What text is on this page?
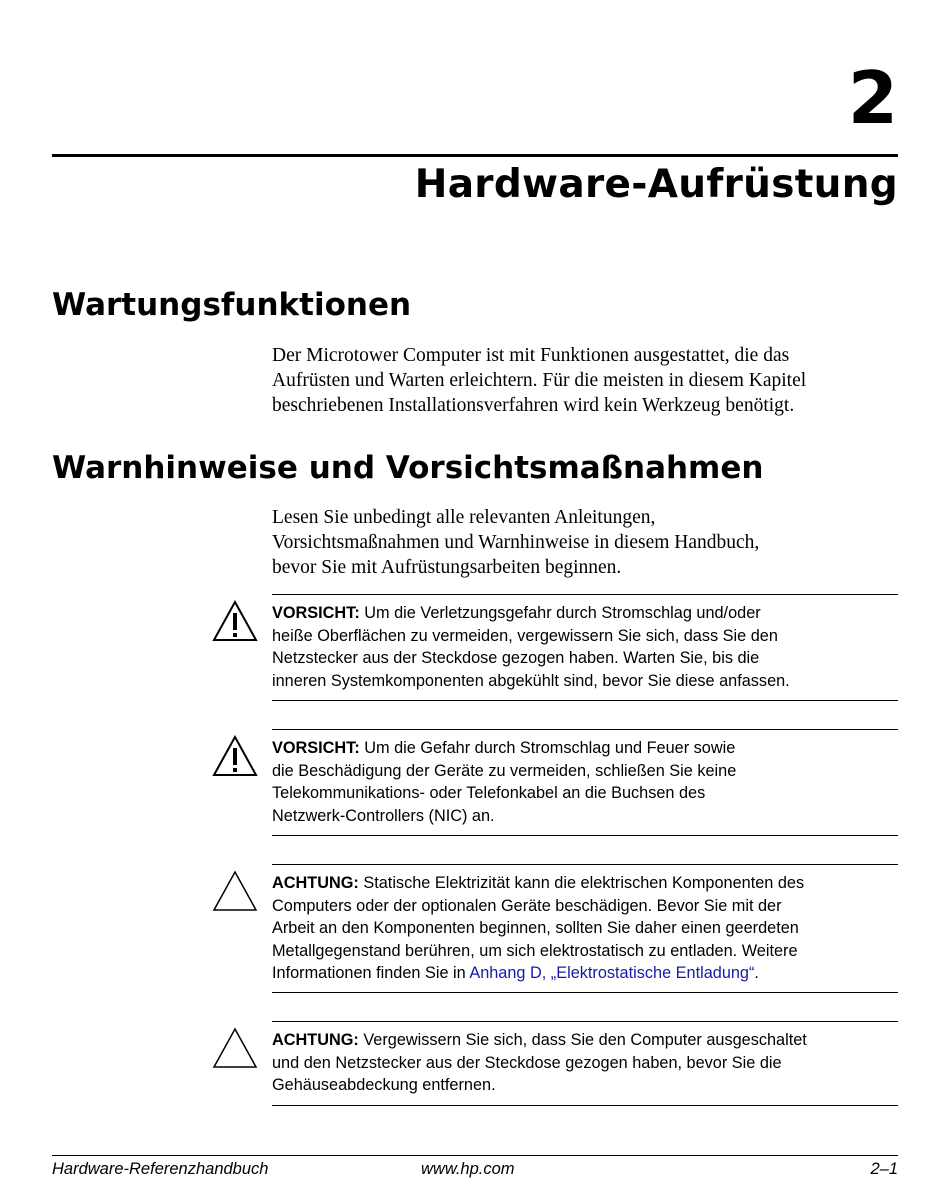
2
Hardware-Aufrüstung
Wartungsfunktionen
Der Microtower Computer ist mit Funktionen ausgestattet, die das
Aufrüsten und Warten erleichtern. Für die meisten in diesem Kapitel
beschriebenen Installationsverfahren wird kein Werkzeug benötigt.
Warnhinweise und Vorsichtsmaßnahmen
Lesen Sie unbedingt alle relevanten Anleitungen,
Vorsichtsmaßnahmen und Warnhinweise in diesem Handbuch,
bevor Sie mit Aufrüstungsarbeiten beginnen.
VORSICHT: Um die Verletzungsgefahr durch Stromschlag und/oder
heiße Oberflächen zu vermeiden, vergewissern Sie sich, dass Sie den
Netzstecker aus der Steckdose gezogen haben. Warten Sie, bis die
inneren Systemkomponenten abgekühlt sind, bevor Sie diese anfassen.
VORSICHT: Um die Gefahr durch Stromschlag und Feuer sowie
die Beschädigung der Geräte zu vermeiden, schließen Sie keine
Telekommunikations- oder Telefonkabel an die Buchsen des
Netzwerk-Controllers (NIC) an.
ACHTUNG: Statische Elektrizität kann die elektrischen Komponenten des
Computers oder der optionalen Geräte beschädigen. Bevor Sie mit der
Arbeit an den Komponenten beginnen, sollten Sie daher einen geerdeten
Metallgegenstand berühren, um sich elektrostatisch zu entladen. Weitere
Informationen finden Sie in Anhang D, „Elektrostatische Entladung“.
ACHTUNG: Vergewissern Sie sich, dass Sie den Computer ausgeschaltet
und den Netzstecker aus der Steckdose gezogen haben, bevor Sie die
Gehäuseabdeckung entfernen.
Hardware-Referenzhandbuch	www.hp.com	2–1
